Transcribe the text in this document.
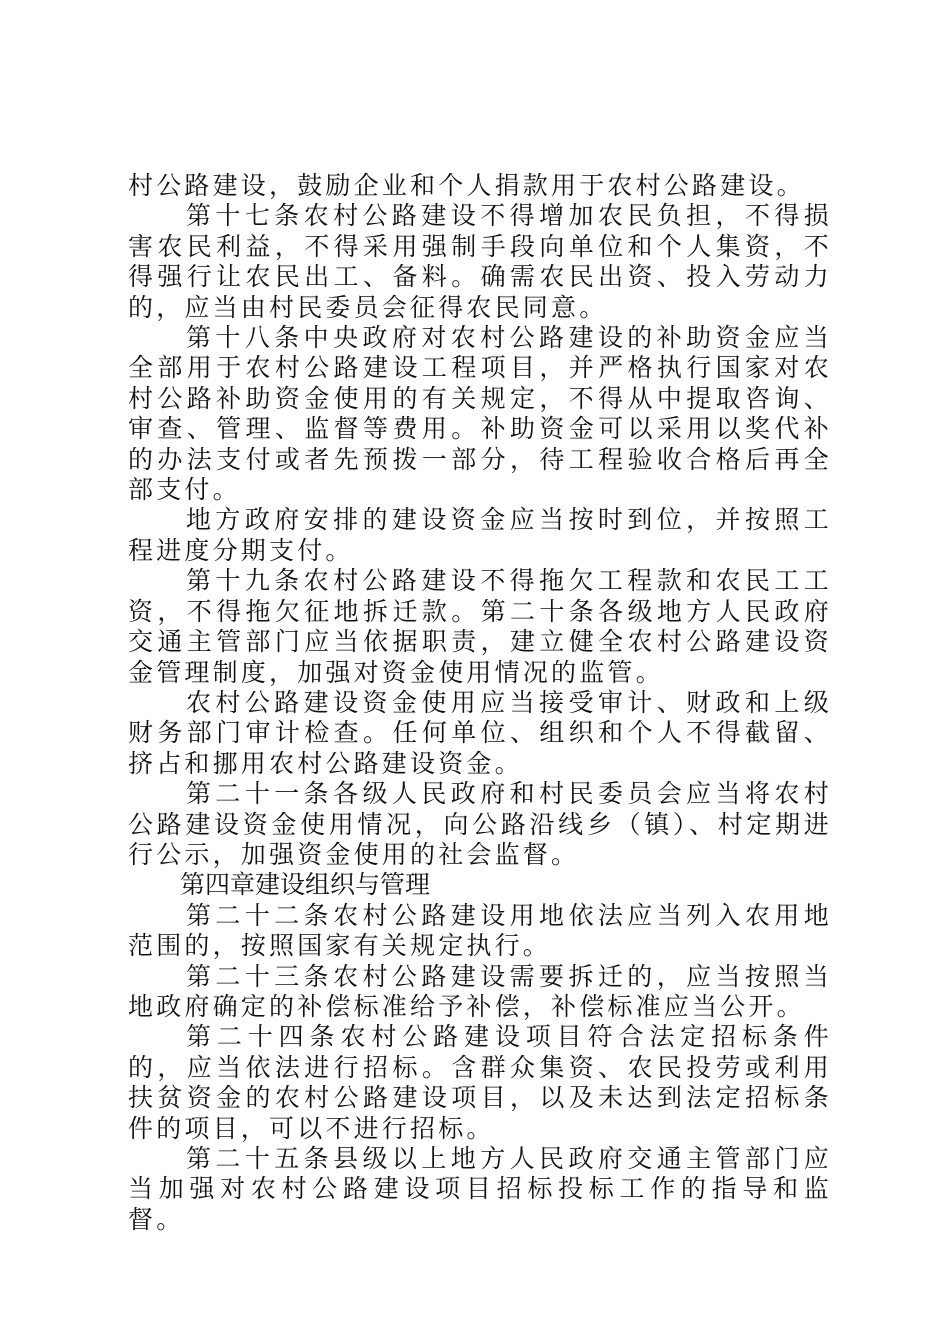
村公路建设，鼓励企业和个人捐款用于农村公路建设。

第十七条农村公路建设不得增加农民负担，不得损害农民利益，不得采用强制手段向单位和个人集资，不得强行让农民出工、备料。确需农民出资、投入劳动力的，应当由村民委员会征得农民同意。

第十八条中央政府对农村公路建设的补助资金应当全部用于农村公路建设工程项目，并严格执行国家对农村公路补助资金使用的有关规定，不得从中提取咨询、审查、管理、监督等费用。补助资金可以采用以奖代补的办法支付或者先预拨一部分，待工程验收合格后再全部支付。

地方政府安排的建设资金应当按时到位，并按照工程进度分期支付。

第十九条农村公路建设不得拖欠工程款和农民工工资，不得拖欠征地拆迁款。第二十条各级地方人民政府交通主管部门应当依据职责，建立健全农村公路建设资金管理制度，加强对资金使用情况的监管。

农村公路建设资金使用应当接受审计、财政和上级财务部门审计检查。任何单位、组织和个人不得截留、挤占和挪用农村公路建设资金。

第二十一条各级人民政府和村民委员会应当将农村公路建设资金使用情况，向公路沿线乡（镇）、村定期进行公示，加强资金使用的社会监督。

第四章建设组织与管理

第二十二条农村公路建设用地依法应当列入农用地范围的，按照国家有关规定执行。

第二十三条农村公路建设需要拆迁的，应当按照当地政府确定的补偿标准给予补偿，补偿标准应当公开。

第二十四条农村公路建设项目符合法定招标条件的，应当依法进行招标。含群众集资、农民投劳或利用扶贫资金的农村公路建设项目，以及未达到法定招标条件的项目，可以不进行招标。

第二十五条县级以上地方人民政府交通主管部门应当加强对农村公路建设项目招标投标工作的指导和监督。
